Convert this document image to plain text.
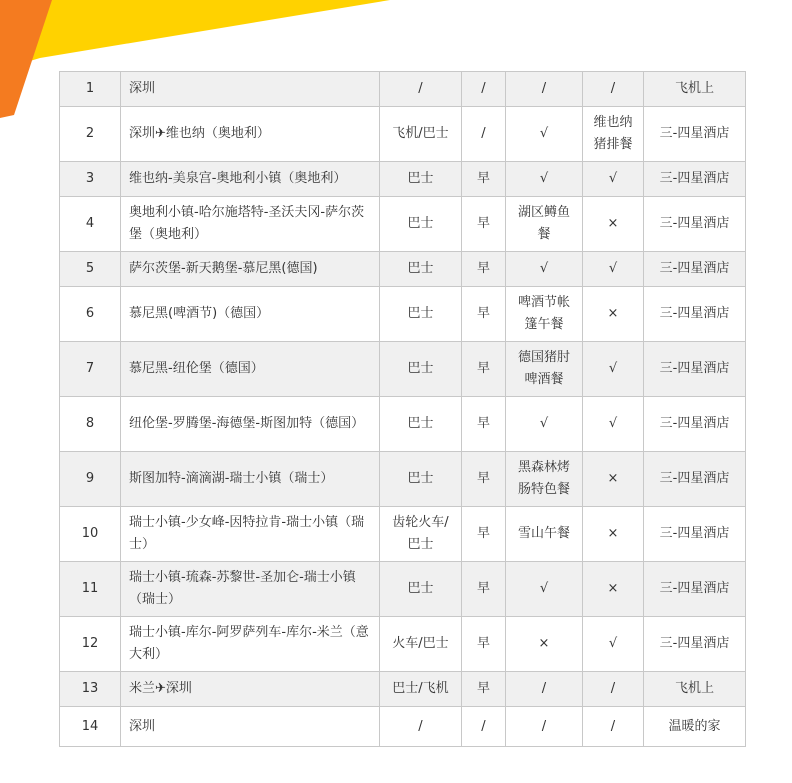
1	深圳	/	/	/	/	飞机上
2	深圳✈维也纳（奥地利）	飞机/巴士	/	√	维也纳猪排餐	三-四星酒店
3	维也纳-美泉宫-奥地利小镇（奥地利）	巴士	早	√	√	三-四星酒店
4	奥地利小镇-哈尔施塔特-圣沃夫冈-萨尔茨堡（奥地利）	巴士	早	湖区鳟鱼餐	×	三-四星酒店
5	萨尔茨堡-新天鹅堡-慕尼黑(德国)	巴士	早	√	√	三-四星酒店
6	慕尼黑(啤酒节)（德国）	巴士	早	啤酒节帐篷午餐	×	三-四星酒店
7	慕尼黑-纽伦堡（德国）	巴士	早	德国猪肘啤酒餐	√	三-四星酒店
8	纽伦堡-罗腾堡-海德堡-斯图加特（德国）	巴士	早	√	√	三-四星酒店
9	斯图加特-滴滴湖-瑞士小镇（瑞士）	巴士	早	黑森林烤肠特色餐	×	三-四星酒店
10	瑞士小镇-少女峰-因特拉肯-瑞士小镇（瑞士）	齿轮火车/巴士	早	雪山午餐	×	三-四星酒店
11	瑞士小镇-琉森-苏黎世-圣加仑-瑞士小镇（瑞士）	巴士	早	√	×	三-四星酒店
12	瑞士小镇-库尔-阿罗萨列车-库尔-米兰（意大利）	火车/巴士	早	×	√	三-四星酒店
13	米兰✈深圳	巴士/飞机	早	/	/	飞机上
14	深圳	/	/	/	/	温暖的家
